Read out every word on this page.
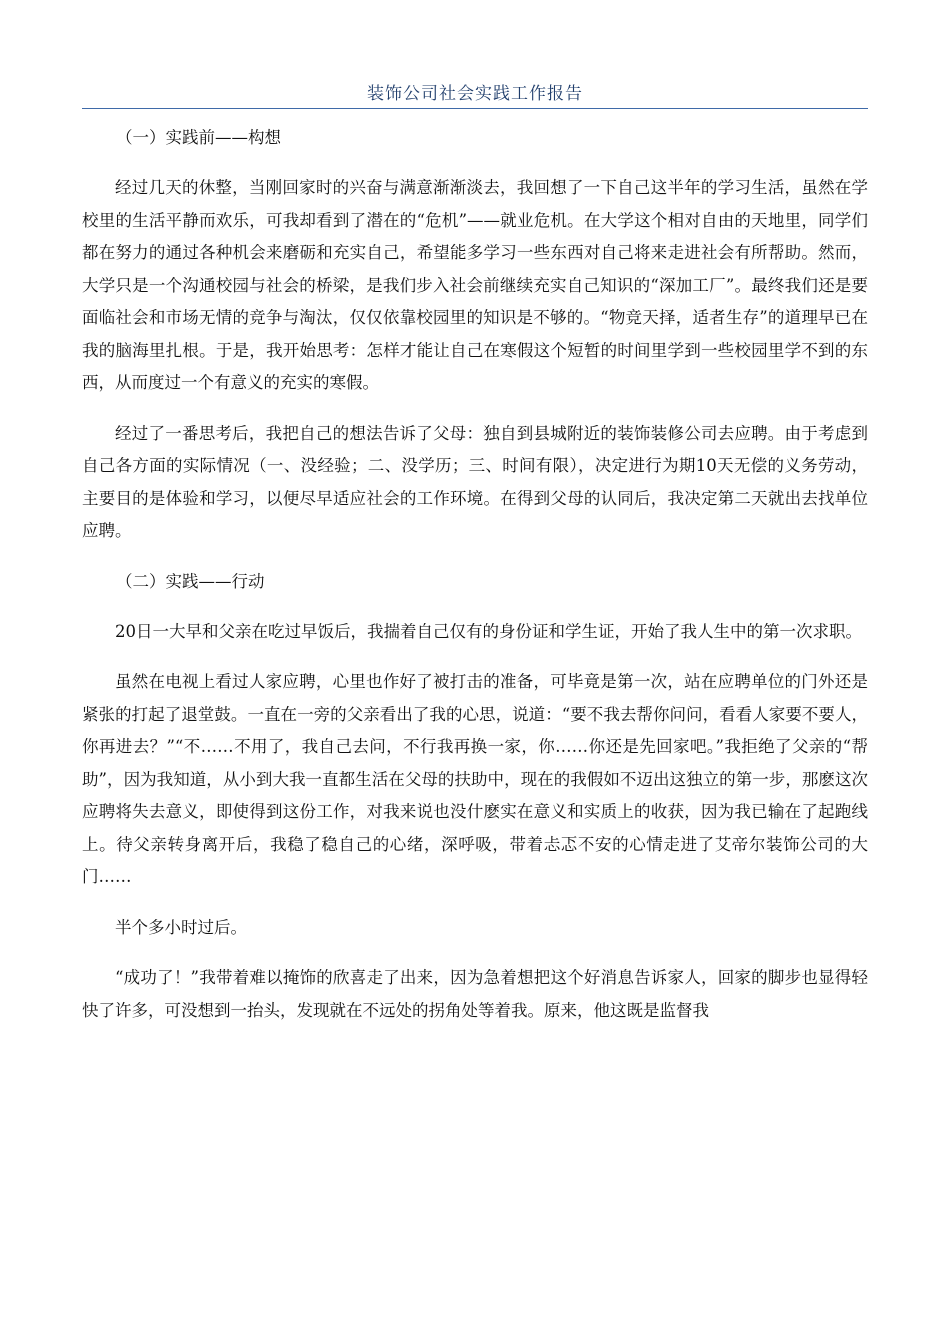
装饰公司社会实践工作报告

（一）实践前——构想

经过几天的休整，当刚回家时的兴奋与满意渐渐淡去，我回想了一下自己这半年的学习生活，虽然在学校里的生活平静而欢乐，可我却看到了潜在的“危机”——就业危机。在大学这个相对自由的天地里，同学们都在努力的通过各种机会来磨砺和充实自己，希望能多学习一些东西对自己将来走进社会有所帮助。然而，大学只是一个沟通校园与社会的桥梁，是我们步入社会前继续充实自己知识的“深加工厂”。最终我们还是要面临社会和市场无情的竞争与淘汰，仅仅依靠校园里的知识是不够的。“物竞天择，适者生存”的道理早已在我的脑海里扎根。于是，我开始思考：怎样才能让自己在寒假这个短暂的时间里学到一些校园里学不到的东西，从而度过一个有意义的充实的寒假。

经过了一番思考后，我把自己的想法告诉了父母：独自到县城附近的装饰装修公司去应聘。由于考虑到自己各方面的实际情况（一、没经验；二、没学历；三、时间有限），决定进行为期10天无偿的义务劳动，主要目的是体验和学习，以便尽早适应社会的工作环境。在得到父母的认同后，我决定第二天就出去找单位应聘。

（二）实践——行动

20日一大早和父亲在吃过早饭后，我揣着自己仅有的身份证和学生证，开始了我人生中的第一次求职。

虽然在电视上看过人家应聘，心里也作好了被打击的准备，可毕竟是第一次，站在应聘单位的门外还是紧张的打起了退堂鼓。一直在一旁的父亲看出了我的心思，说道：“要不我去帮你问问，看看人家要不要人，你再进去？”“不……不用了，我自己去问，不行我再换一家，你……你还是先回家吧。”我拒绝了父亲的“帮助”，因为我知道，从小到大我一直都生活在父母的扶助中，现在的我假如不迈出这独立的第一步，那麽这次应聘将失去意义，即使得到这份工作，对我来说也没什麽实在意义和实质上的收获，因为我已输在了起跑线上。待父亲转身离开后，我稳了稳自己的心绪，深呼吸，带着忐忑不安的心情走进了艾帝尔装饰公司的大门……

半个多小时过后。

“成功了！”我带着难以掩饰的欣喜走了出来，因为急着想把这个好消息告诉家人，回家的脚步也显得轻快了许多，可没想到一抬头，发现就在不远处的拐角处等着我。原来，他这既是监督我
